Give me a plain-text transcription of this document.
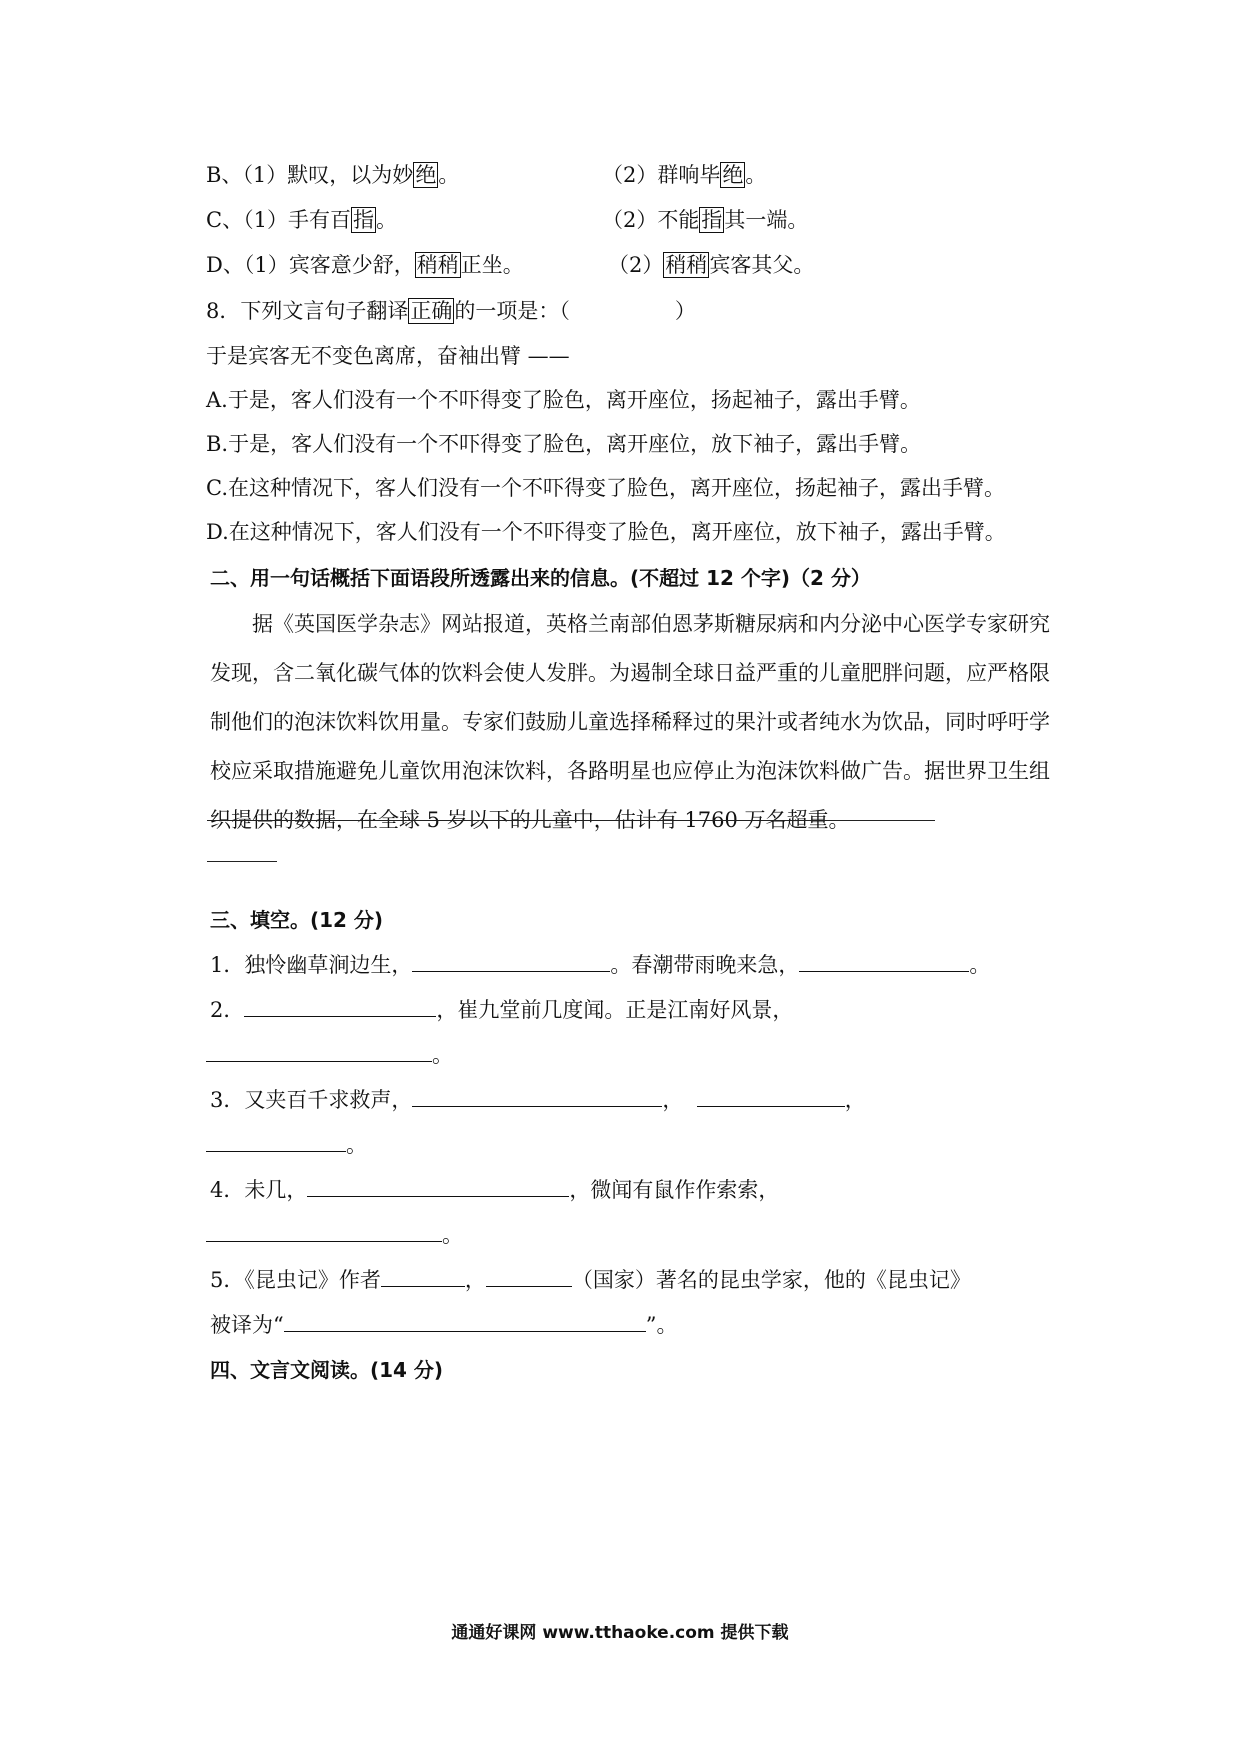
B、（1）默叹，以为妙绝。	（2）群响毕绝。
C、（1）手有百指。	（2）不能指其一端。
D、（1）宾客意少舒，稍稍正坐。	（2）稍稍宾客其父。
8．下列文言句子翻译正确的一项是：（　　　　　）
于是宾客无不变色离席，奋袖出臂 ——
A.于是，客人们没有一个不吓得变了脸色，离开座位，扬起袖子，露出手臂。
B.于是，客人们没有一个不吓得变了脸色，离开座位，放下袖子，露出手臂。
C.在这种情况下，客人们没有一个不吓得变了脸色，离开座位，扬起袖子，露出手臂。
D.在这种情况下，客人们没有一个不吓得变了脸色，离开座位，放下袖子，露出手臂。
二、用一句话概括下面语段所透露出来的信息。(不超过 12 个字)（2 分）
据《英国医学杂志》网站报道，英格兰南部伯恩茅斯糖尿病和内分泌中心医学专家研究发现，含二氧化碳气体的饮料会使人发胖。为遏制全球日益严重的儿童肥胖问题，应严格限制他们的泡沫饮料饮用量。专家们鼓励儿童选择稀释过的果汁或者纯水为饮品，同时呼吁学校应采取措施避免儿童饮用泡沫饮料，各路明星也应停止为泡沫饮料做广告。据世界卫生组织提供的数据，在全球 5 岁以下的儿童中，估计有 1760 万名超重。
三、填空。(12 分)
1．独怜幽草涧边生，	。春潮带雨晚来急，	。
2．	，崔九堂前几度闻。正是江南好风景，
。
3．又夹百千求救声，	，	，
。
4．未几，	，微闻有鼠作作索索，
。
5．《昆虫记》作者	，	（国家）著名的昆虫学家，他的《昆虫记》
被译为“	”。
四、文言文阅读。(14 分)
通通好课网 www.tthaoke.com 提供下载
